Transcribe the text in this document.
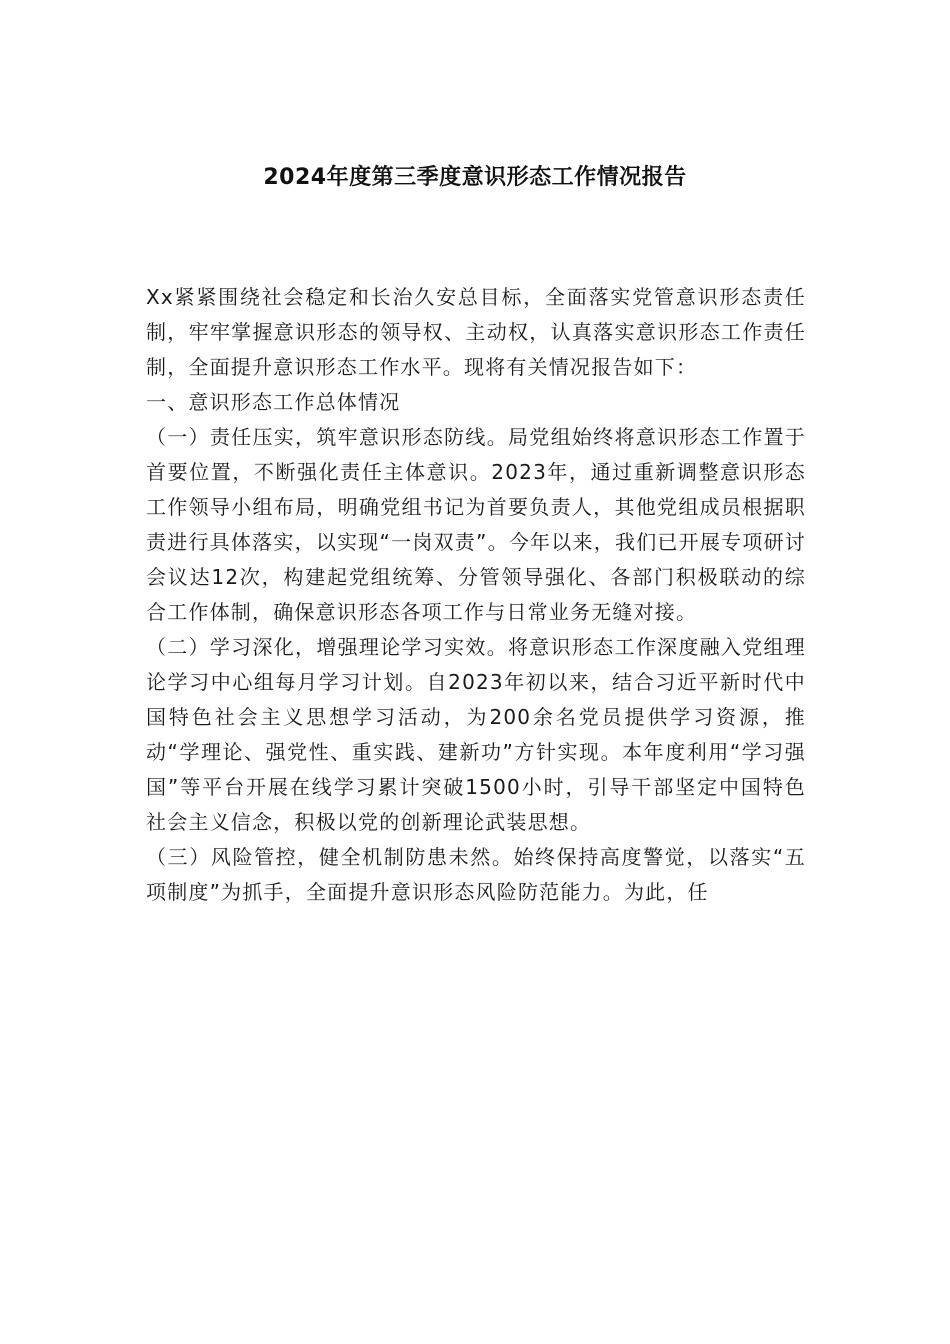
2024年度第三季度意识形态工作情况报告

Xx紧紧围绕社会稳定和长治久安总目标，全面落实党管意识形态责任制，牢牢掌握意识形态的领导权、主动权，认真落实意识形态工作责任制，全面提升意识形态工作水平。现将有关情况报告如下：

一、意识形态工作总体情况

（一）责任压实，筑牢意识形态防线。局党组始终将意识形态工作置于首要位置，不断强化责任主体意识。2023年，通过重新调整意识形态工作领导小组布局，明确党组书记为首要负责人，其他党组成员根据职责进行具体落实，以实现“一岗双责”。今年以来，我们已开展专项研讨会议达12次，构建起党组统筹、分管领导强化、各部门积极联动的综合工作体制，确保意识形态各项工作与日常业务无缝对接。

（二）学习深化，增强理论学习实效。将意识形态工作深度融入党组理论学习中心组每月学习计划。自2023年初以来，结合习近平新时代中国特色社会主义思想学习活动，为200余名党员提供学习资源，推动“学理论、强党性、重实践、建新功”方针实现。本年度利用“学习强国”等平台开展在线学习累计突破1500小时，引导干部坚定中国特色社会主义信念，积极以党的创新理论武装思想。

（三）风险管控，健全机制防患未然。始终保持高度警觉，以落实“五项制度”为抓手，全面提升意识形态风险防范能力。为此，任
